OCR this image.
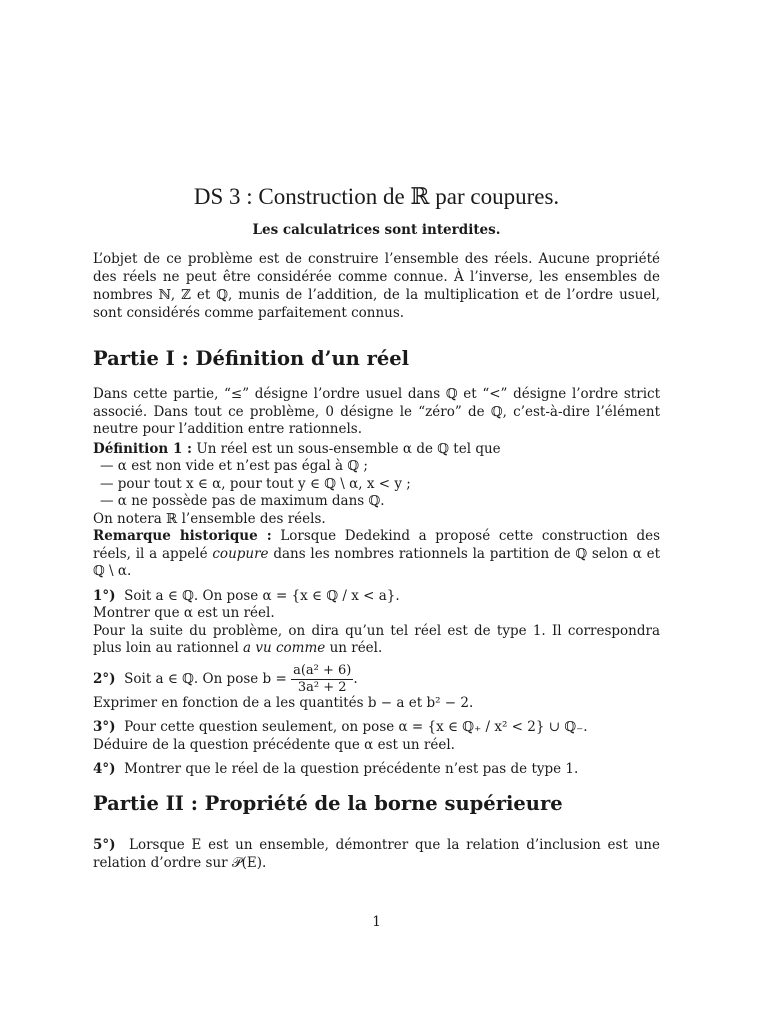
DS 3 : Construction de ℝ par coupures.

Les calculatrices sont interdites.

L’objet de ce problème est de construire l’ensemble des réels. Aucune propriété des réels ne peut être considérée comme connue. À l’inverse, les ensembles de nombres ℕ, ℤ et ℚ, munis de l’addition, de la multiplication et de l’ordre usuel, sont considérés comme parfaitement connus.

Partie I : Définition d’un réel

Dans cette partie, “≤” désigne l’ordre usuel dans ℚ et “<” désigne l’ordre strict associé. Dans tout ce problème, 0 désigne le “zéro” de ℚ, c’est-à-dire l’élément neutre pour l’addition entre rationnels.

Définition 1 : Un réel est un sous-ensemble α de ℚ tel que

— α est non vide et n’est pas égal à ℚ ;
— pour tout x ∈ α, pour tout y ∈ ℚ \ α, x < y ;
— α ne possède pas de maximum dans ℚ.

On notera ℝ l’ensemble des réels.

Remarque historique : Lorsque Dedekind a proposé cette construction des réels, il a appelé coupure dans les nombres rationnels la partition de ℚ selon α et ℚ \ α.

1°) Soit a ∈ ℚ. On pose α = {x ∈ ℚ / x < a}.

Montrer que α est un réel.

Pour la suite du problème, on dira qu’un tel réel est de type 1. Il correspondra plus loin au rationnel a vu comme un réel.

2°) Soit a ∈ ℚ. On pose $b = \frac{\text{a(a² + 6)}}{\text{3a² + 2}}$ .

Exprimer en fonction de a les quantités b − a et b² − 2.

3°) Pour cette question seulement, on pose α = {x ∈ ℚ₊ / x² < 2} ∪ ℚ₋.

Déduire de la question précédente que α est un réel.

4°) Montrer que le réel de la question précédente n’est pas de type 1.

Partie II : Propriété de la borne supérieure

5°) Lorsque E est un ensemble, démontrer que la relation d’inclusion est une relation d’ordre sur 𝒫(E).

1
